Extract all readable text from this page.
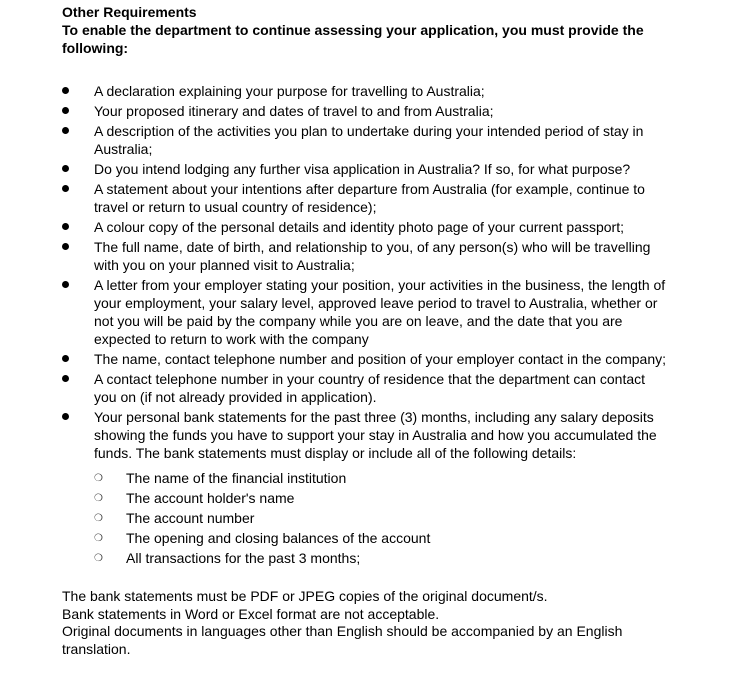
Other Requirements
To enable the department to continue assessing your application, you must provide the following:
A declaration explaining your purpose for travelling to Australia;
Your proposed itinerary and dates of travel to and from Australia;
A description of the activities you plan to undertake during your intended period of stay in Australia;
Do you intend lodging any further visa application in Australia? If so, for what purpose?
A statement about your intentions after departure from Australia (for example, continue to travel or return to usual country of residence);
A colour copy of the personal details and identity photo page of your current passport;
The full name, date of birth, and relationship to you, of any person(s) who will be travelling with you on your planned visit to Australia;
A letter from your employer stating your position, your activities in the business, the length of your employment, your salary level, approved leave period to travel to Australia, whether or not you will be paid by the company while you are on leave, and the date that you are expected to return to work with the company
The name, contact telephone number and position of your employer contact in the company;
A contact telephone number in your country of residence that the department can contact you on (if not already provided in application).
Your personal bank statements for the past three (3) months, including any salary deposits showing the funds you have to support your stay in Australia and how you accumulated the funds. The bank statements must display or include all of the following details:
❍ The name of the financial institution
❍ The account holder's name
❍ The account number
❍ The opening and closing balances of the account
❍ All transactions for the past 3 months;
The bank statements must be PDF or JPEG copies of the original document/s.
Bank statements in Word or Excel format are not acceptable.
Original documents in languages other than English should be accompanied by an English translation.
